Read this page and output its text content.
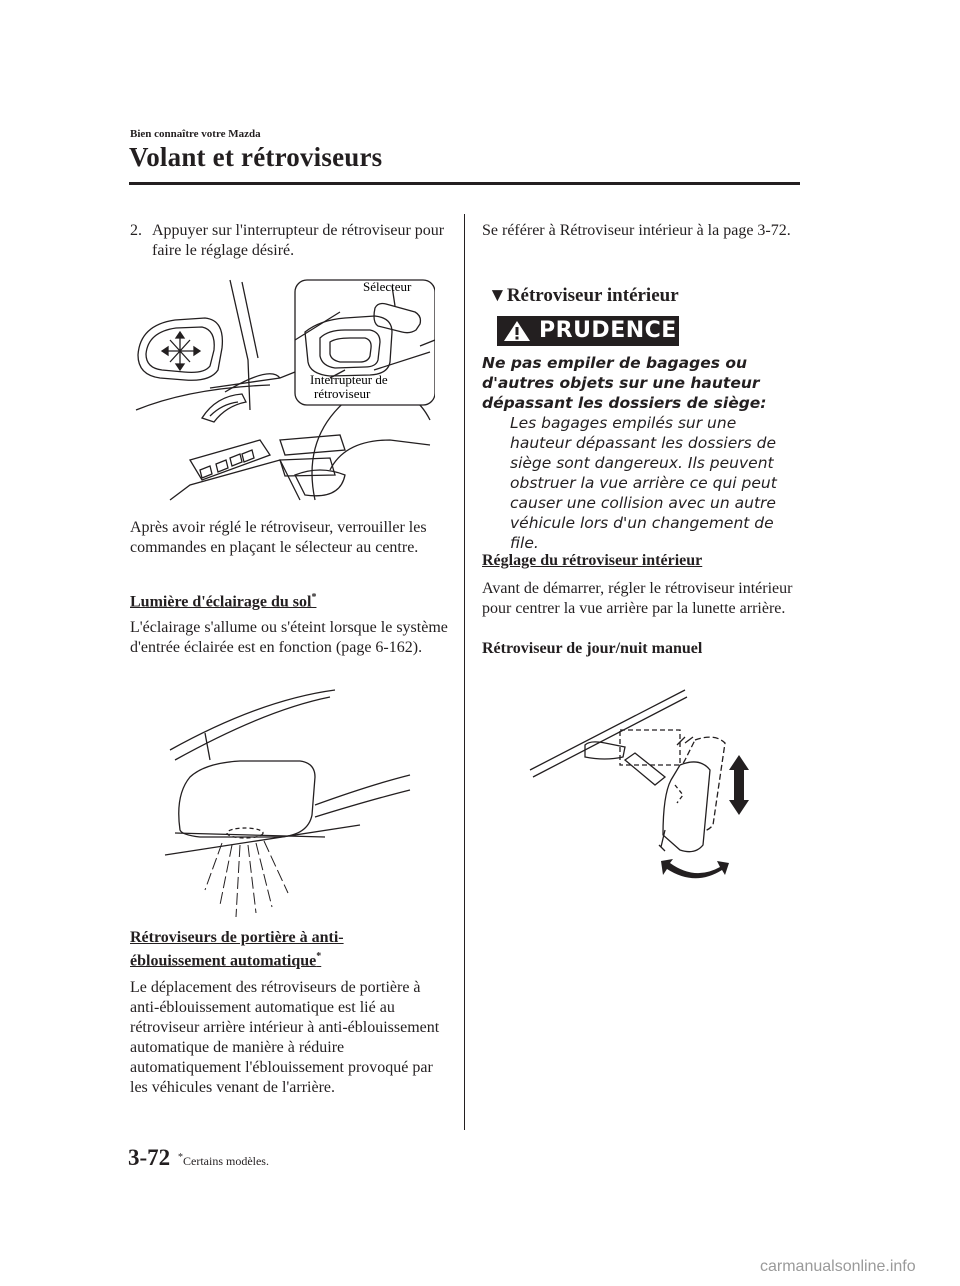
Bien connaître votre Mazda
Volant et rétroviseurs
2. Appuyer sur l'interrupteur de rétroviseur pour faire le réglage désiré.
Sélecteur
Interrupteur de
rétroviseur
Après avoir réglé le rétroviseur, verrouiller les commandes en plaçant le sélecteur au centre.
Lumière d'éclairage du sol*
L'éclairage s'allume ou s'éteint lorsque le système d'entrée éclairée est en fonction (page 6-162).
Rétroviseurs de portière à anti-
éblouissement automatique*
Le déplacement des rétroviseurs de portière à anti-éblouissement automatique est lié au rétroviseur arrière intérieur à anti-éblouissement automatique de manière à réduire automatiquement l'éblouissement provoqué par les véhicules venant de l'arrière.
Se référer à Rétroviseur intérieur à la page 3-72.
▼Rétroviseur intérieur
PRUDENCE
Ne pas empiler de bagages ou d'autres objets sur une hauteur dépassant les dossiers de siège:
Les bagages empilés sur une hauteur dépassant les dossiers de siège sont dangereux. Ils peuvent obstruer la vue arrière ce qui peut causer une collision avec un autre véhicule lors d'un changement de file.
Réglage du rétroviseur intérieur
Avant de démarrer, régler le rétroviseur intérieur pour centrer la vue arrière par la lunette arrière.
Rétroviseur de jour/nuit manuel
3-72 *Certains modèles.
carmanualsonline.info
